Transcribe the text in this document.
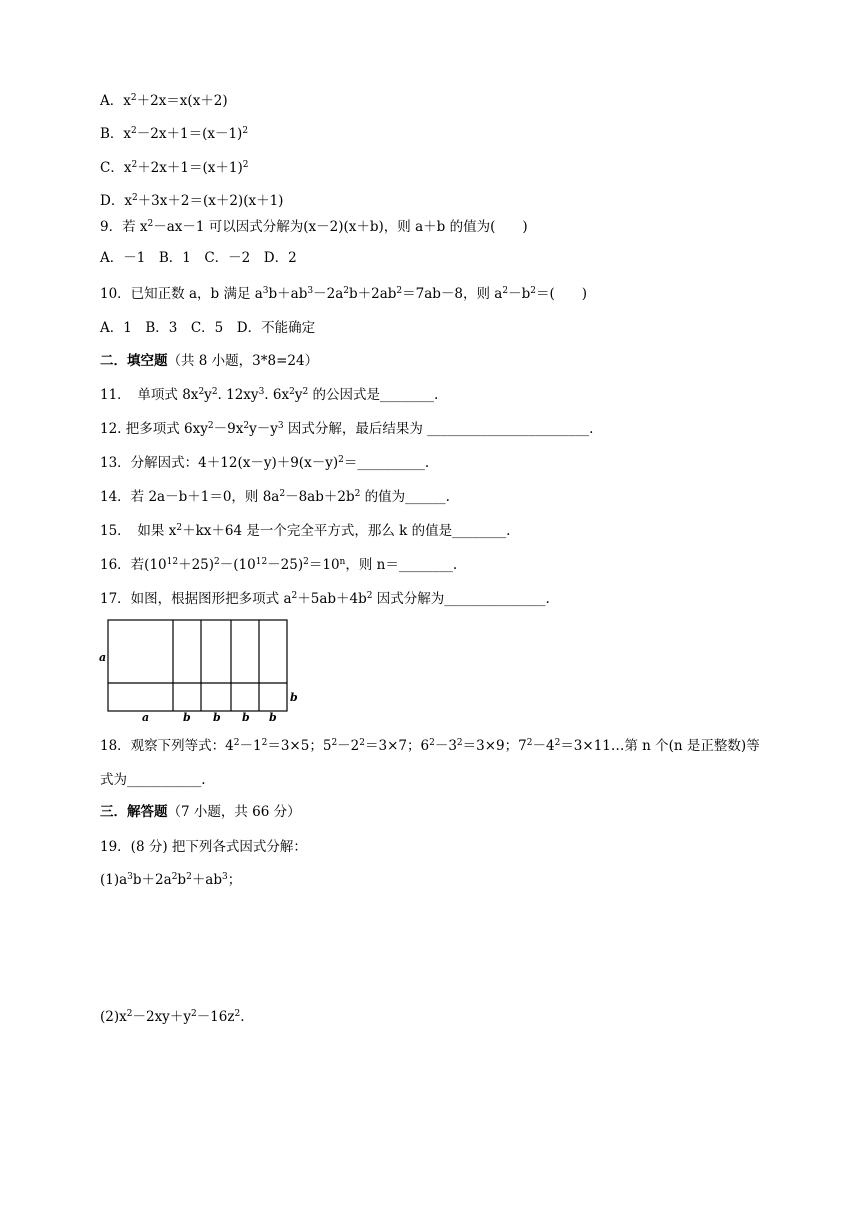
A．$x^2+2x=x(x+2)$
B．$x^2-2x+1=(x-1)^2$
C．$x^2+2x+1=(x+1)^2$
D．$x^2+3x+2=(x+2)(x+1)$
9．若 $x^2-ax-1$ 可以因式分解为(x－2)(x＋b)，则 a＋b 的值为(　　)
A．－1　B．1　C．－2　D．2
10．已知正数 a，b 满足 $a^3b+ab^3-2a^2b+2ab^2=7ab-8$，则 $a^2-b^2=$(　　)
A．1　B．3　C．5　D．不能确定
二．填空题（共 8 小题，3*8=24）
11．　单项式 $8x^2y^2$. $12xy^3$. $6x^2y^2$ 的公因式是________.
12. 把多项式 $6xy^2-9x^2y-y^3$ 因式分解，最后结果为 ________________________.
13．分解因式：$4+12(x-y)+9(x-y)^2=\_\_\_\_\_\_\_\_\_\_$.
14．若 2a－b＋1＝0，则 $8a^2-8ab+2b^2$ 的值为______.
15．　如果 $x^2+kx+64$ 是一个完全平方式，那么 k 的值是________.
16．若$(10^{12}+25)^2-(10^{12}-25)^2=10^n$，则 n＝________.
17．如图，根据图形把多项式 $a^2+5ab+4b^2$ 因式分解为_______________.
a
b
a	b b b b
18．观察下列等式：$4^2-1^2=3\times 5$；$5^2-2^2=3\times 7$；$6^2-3^2=3\times 9$；$7^2-4^2=3\times 11\dots$第 n 个(n 是正整数)等
式为___________.
三．解答题（7 小题，共 66 分）
19．(8 分) 把下列各式因式分解：
$(1)a^3b+2a^2b^2+ab^3$；
$(2)x^2-2xy+y^2-16z^2$.
